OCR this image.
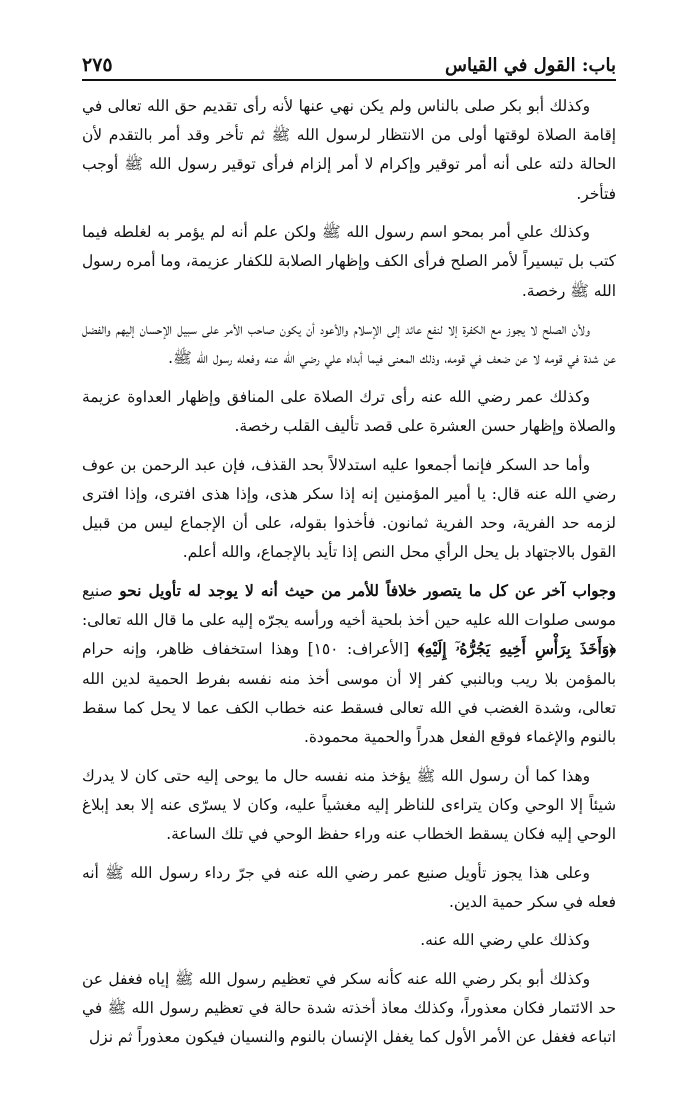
باب: القول في القياس
٢٧٥

وكذلك أبو بكر صلى بالناس ولم يكن نهي عنها لأنه رأى تقديم حق الله تعالى في إقامة الصلاة لوقتها أولى من الانتظار لرسول الله ﷺ ثم تأخر وقد أمر بالتقدم لأن الحالة دلته على أنه أمر توقير وإكرام لا أمر إلزام فرأى توقير رسول الله ﷺ أوجب فتأخر.

وكذلك علي أمر بمحو اسم رسول الله ﷺ ولكن علم أنه لم يؤمر به لغلطه فيما كتب بل تيسيراً لأمر الصلح فرأى الكف وإظهار الصلابة للكفار عزيمة، وما أمره رسول الله ﷺ رخصة.

ولأن الصلح لا يجوز مع الكفرة إلا لنفع عائد إلى الإسلام والأعود أن يكون صاحب الأمر على سبيل الإحسان إليهم والفضل عن شدة في قومه لا عن ضعف في قومه، وذلك المعنى فيما أبداه علي رضي الله عنه وفعله رسول الله ﷺ.

وكذلك عمر رضي الله عنه رأى ترك الصلاة على المنافق وإظهار العداوة عزيمة والصلاة وإظهار حسن العشرة على قصد تأليف القلب رخصة.

وأما حد السكر فإنما أجمعوا عليه استدلالاً بحد القذف، فإن عبد الرحمن بن عوف رضي الله عنه قال: يا أمير المؤمنين إنه إذا سكر هذى، وإذا هذى افترى، وإذا افترى لزمه حد الفرية، وحد الفرية ثمانون. فأخذوا بقوله، على أن الإجماع ليس من قبيل القول بالاجتهاد بل يحل الرأي محل النص إذا تأيد بالإجماع، والله أعلم.

وجواب آخر عن كل ما يتصور خلافاً للأمر من حيث أنه لا يوجد له تأويل نحو صنيع موسى صلوات الله عليه حين أخذ بلحية أخيه ورأسه يجرّه إليه على ما قال الله تعالى: ﴿وَأَخَذَ بِرَأْسِ أَخِيهِ يَجُرُّهُۥٓ إِلَيْهِ﴾ [الأعراف: ١٥٠] وهذا استخفاف ظاهر، وإنه حرام بالمؤمن بلا ريب وبالنبي كفر إلا أن موسى أخذ منه نفسه بفرط الحمية لدين الله تعالى، وشدة الغضب في الله تعالى فسقط عنه خطاب الكف عما لا يحل كما سقط بالنوم والإغماء فوقع الفعل هدراً والحمية محمودة.

وهذا كما أن رسول الله ﷺ يؤخذ منه نفسه حال ما يوحى إليه حتى كان لا يدرك شيئاً إلا الوحي وكان يتراءى للناظر إليه مغشياً عليه، وكان لا يسرّى عنه إلا بعد إبلاغ الوحي إليه فكان يسقط الخطاب عنه وراء حفظ الوحي في تلك الساعة.

وعلى هذا يجوز تأويل صنيع عمر رضي الله عنه في جرّ رداء رسول الله ﷺ أنه فعله في سكر حمية الدين.

وكذلك علي رضي الله عنه.

وكذلك أبو بكر رضي الله عنه كأنه سكر في تعظيم رسول الله ﷺ إياه فغفل عن حد الائتمار فكان معذوراً، وكذلك معاذ أخذته شدة حالة في تعظيم رسول الله ﷺ في اتباعه فغفل عن الأمر الأول كما يغفل الإنسان بالنوم والنسيان فيكون معذوراً ثم نزل
